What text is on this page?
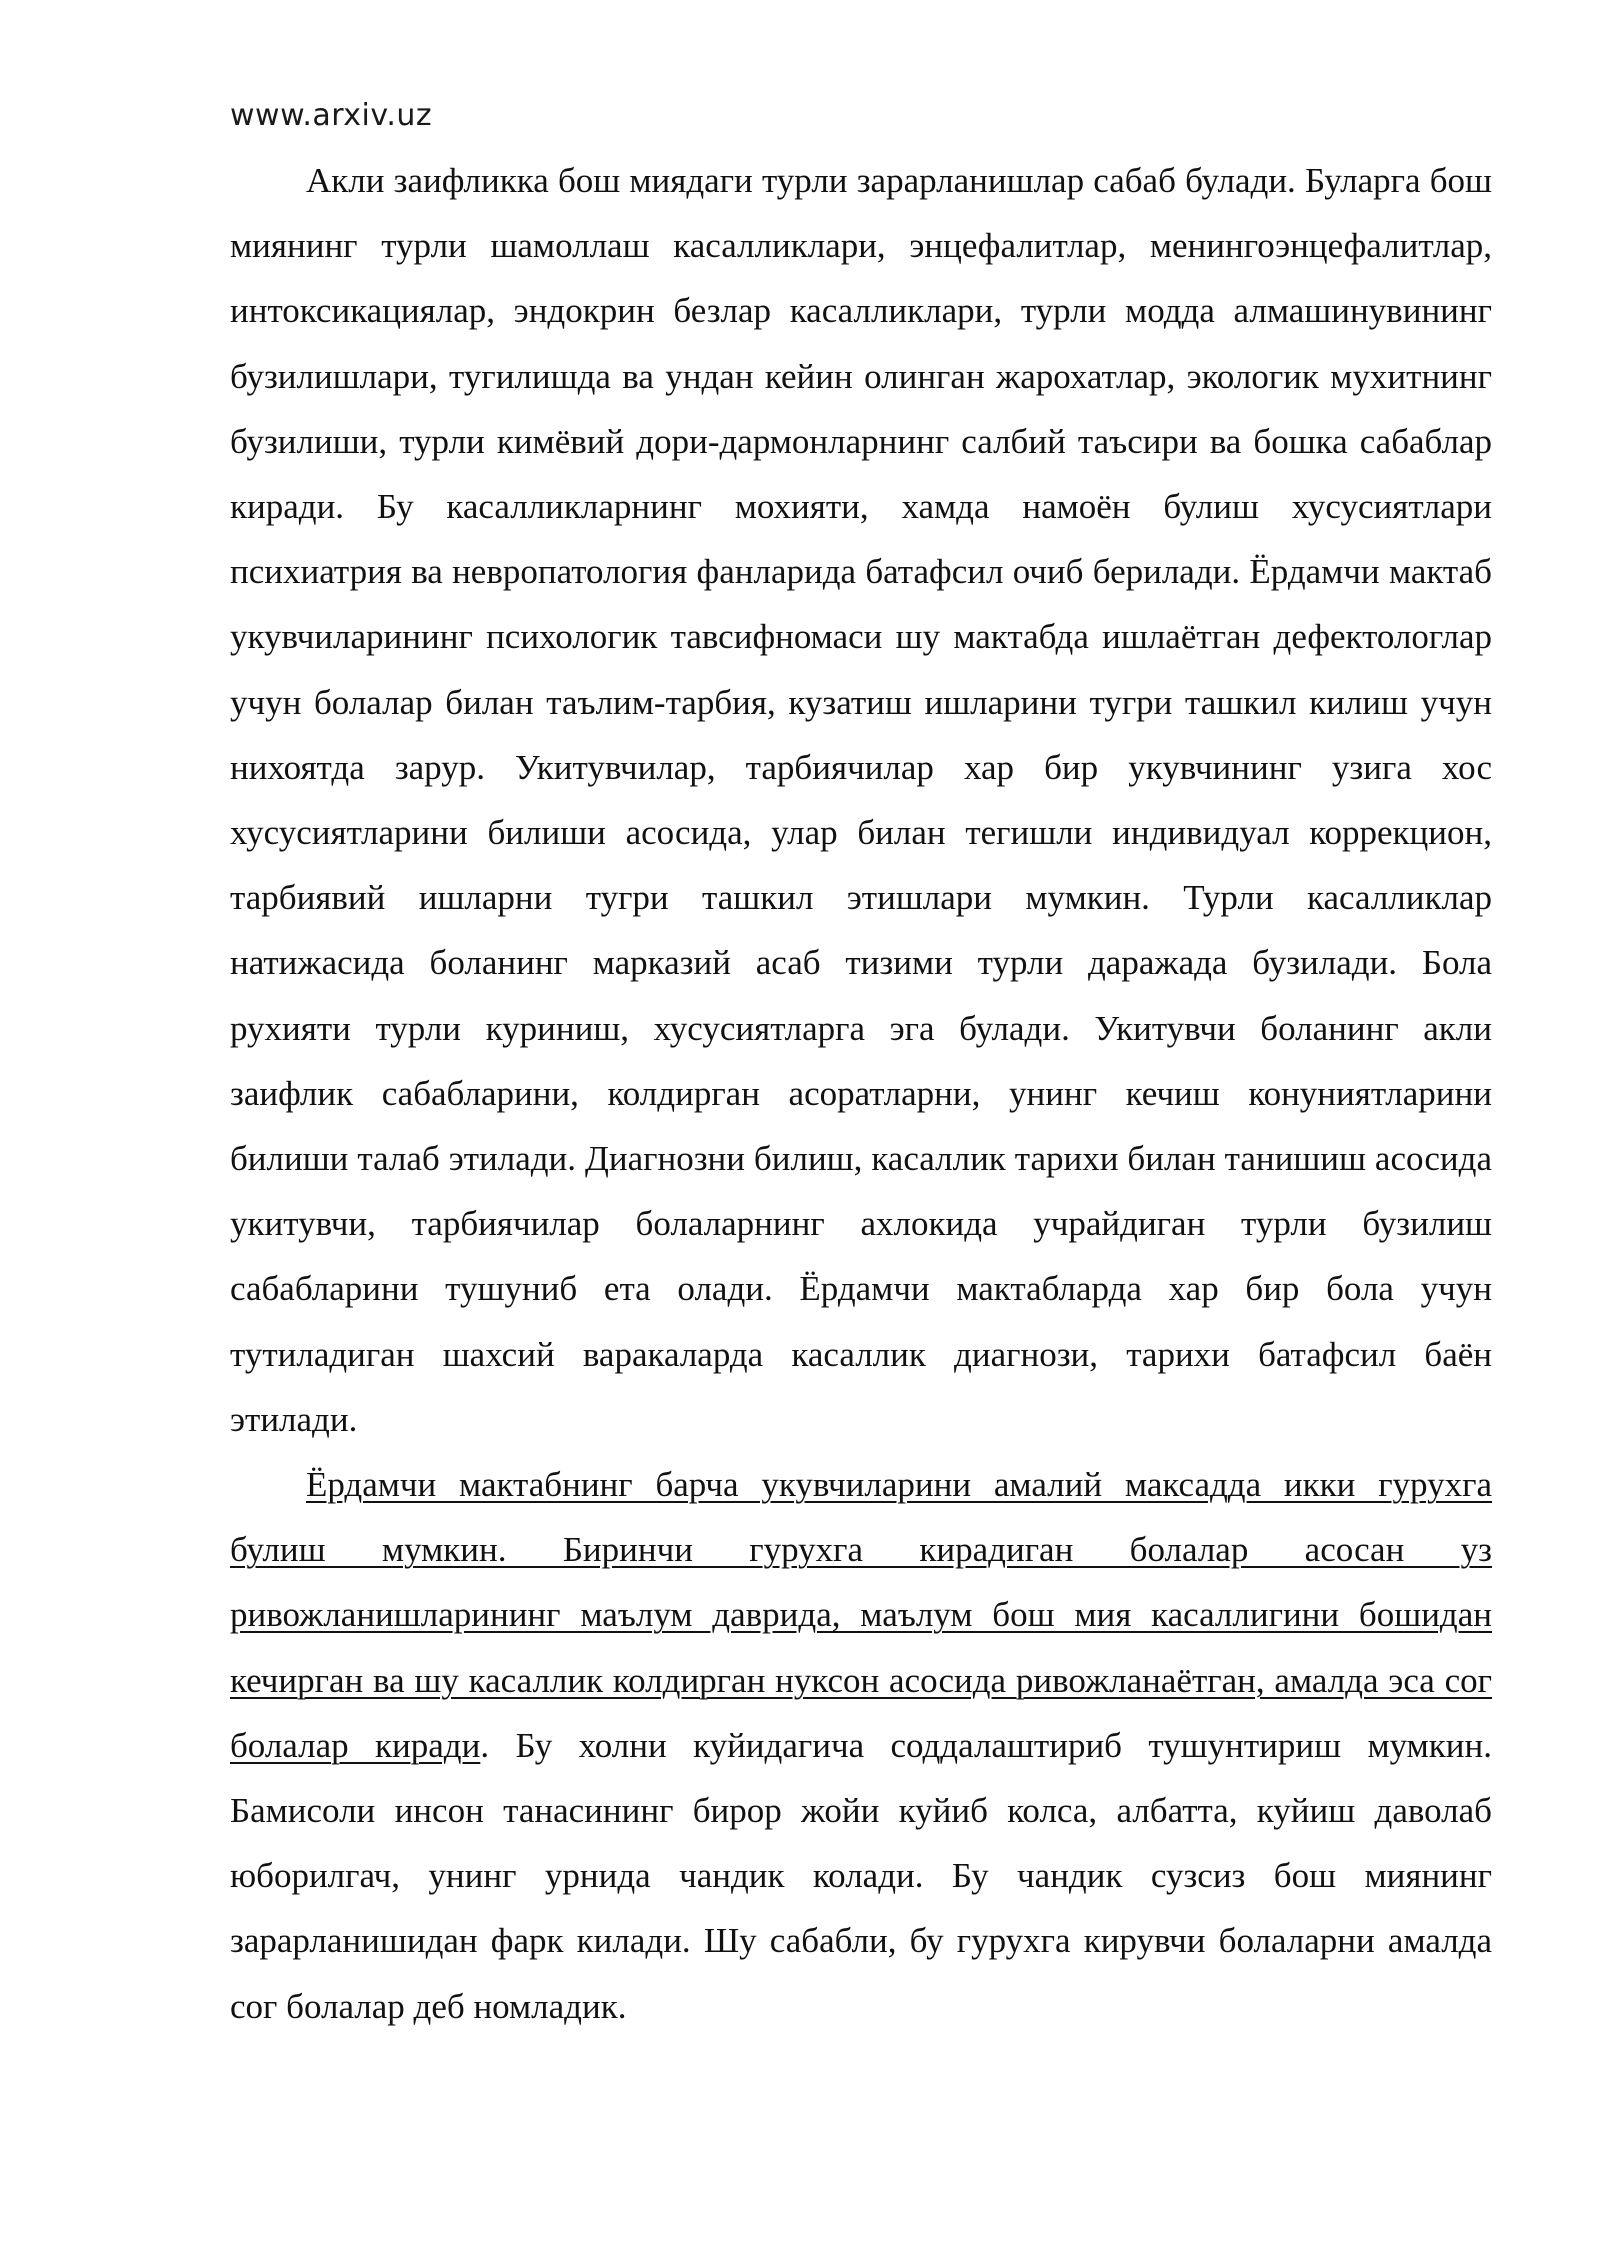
www.arxiv.uz

Акли заифликка бош миядаги турли зарарланишлар сабаб булади. Буларга бош миянинг турли шамоллаш касалликлари, энцефалитлар, менингоэнцефалитлар, интоксикациялар, эндокрин безлар касалликлари, турли модда алмашинувининг бузилишлари, тугилишда ва ундан кейин олинган жарохатлар, экологик мухитнинг бузилиши, турли кимёвий дори-дармонларнинг салбий таъсири ва бошка сабаблар киради. Бу касалликларнинг мохияти, хамда намоён булиш хусусиятлари психиатрия ва невропатология фанларида батафсил очиб берилади. Ёрдамчи мактаб укувчиларининг психологик тавсифномаси шу мактабда ишлаётган дефектологлар учун болалар билан таълим-тарбия, кузатиш ишларини тугри ташкил килиш учун нихоятда зарур. Укитувчилар, тарбиячилар хар бир укувчининг узига хос хусусиятларини билиши асосида, улар билан тегишли индивидуал коррекцион, тарбиявий ишларни тугри ташкил этишлари мумкин. Турли касалликлар натижасида боланинг марказий асаб тизими турли даражада бузилади. Бола рухияти турли куриниш, хусусиятларга эга булади. Укитувчи боланинг акли заифлик сабабларини, колдирган асоратларни, унинг кечиш конуниятларини билиши талаб этилади. Диагнозни билиш, касаллик тарихи билан танишиш асосида укитувчи, тарбиячилар болаларнинг ахлокида учрайдиган турли бузилиш сабабларини тушуниб ета олади. Ёрдамчи мактабларда хар бир бола учун тутиладиган шахсий варакаларда касаллик диагнози, тарихи батафсил баён этилади.

Ёрдамчи мактабнинг барча укувчиларини амалий максадда икки гурухга булиш мумкин. Биринчи гурухга кирадиган болалар асосан уз ривожланишларининг маълум даврида, маълум бош мия касаллигини бошидан кечирган ва шу касаллик колдирган нуксон асосида ривожланаётган, амалда эса сог болалар киради. Бу холни куйидагича соддалаштириб тушунтириш мумкин. Бамисоли инсон танасининг бирор жойи куйиб колса, албатта, куйиш даволаб юборилгач, унинг урнида чандик колади. Бу чандик сузсиз бош миянинг зарарланишидан фарк килади. Шу сабабли, бу гурухга кирувчи болаларни амалда сог болалар деб номладик.
